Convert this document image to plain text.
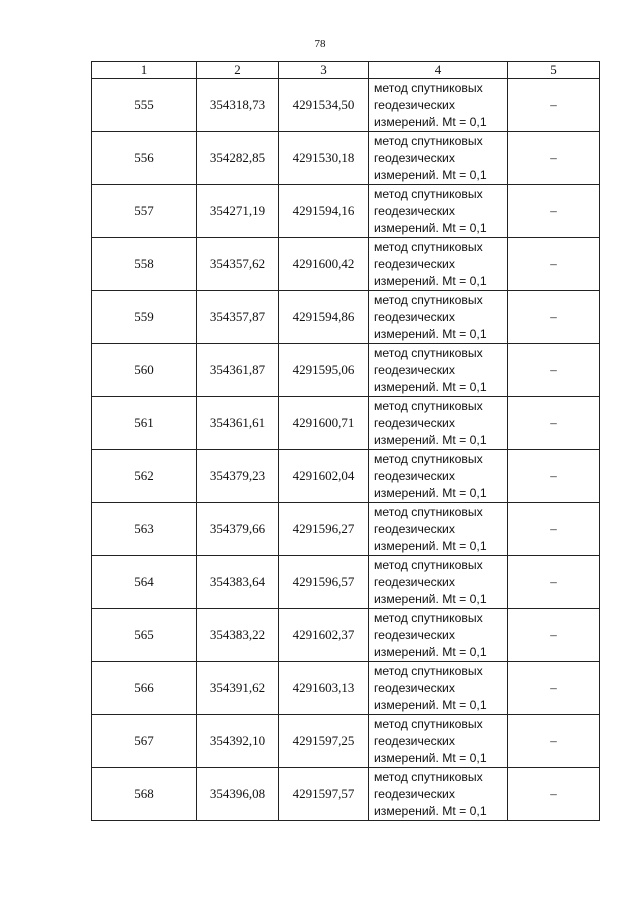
78
1	2	3	4	5
555	354318,73	4291534,50	метод спутниковых
геодезических
измерений. Mt = 0,1	–
556	354282,85	4291530,18	метод спутниковых
геодезических
измерений. Mt = 0,1	–
557	354271,19	4291594,16	метод спутниковых
геодезических
измерений. Mt = 0,1	–
558	354357,62	4291600,42	метод спутниковых
геодезических
измерений. Mt = 0,1	–
559	354357,87	4291594,86	метод спутниковых
геодезических
измерений. Mt = 0,1	–
560	354361,87	4291595,06	метод спутниковых
геодезических
измерений. Mt = 0,1	–
561	354361,61	4291600,71	метод спутниковых
геодезических
измерений. Mt = 0,1	–
562	354379,23	4291602,04	метод спутниковых
геодезических
измерений. Mt = 0,1	–
563	354379,66	4291596,27	метод спутниковых
геодезических
измерений. Mt = 0,1	–
564	354383,64	4291596,57	метод спутниковых
геодезических
измерений. Mt = 0,1	–
565	354383,22	4291602,37	метод спутниковых
геодезических
измерений. Mt = 0,1	–
566	354391,62	4291603,13	метод спутниковых
геодезических
измерений. Mt = 0,1	–
567	354392,10	4291597,25	метод спутниковых
геодезических
измерений. Mt = 0,1	–
568	354396,08	4291597,57	метод спутниковых
геодезических
измерений. Mt = 0,1	–
